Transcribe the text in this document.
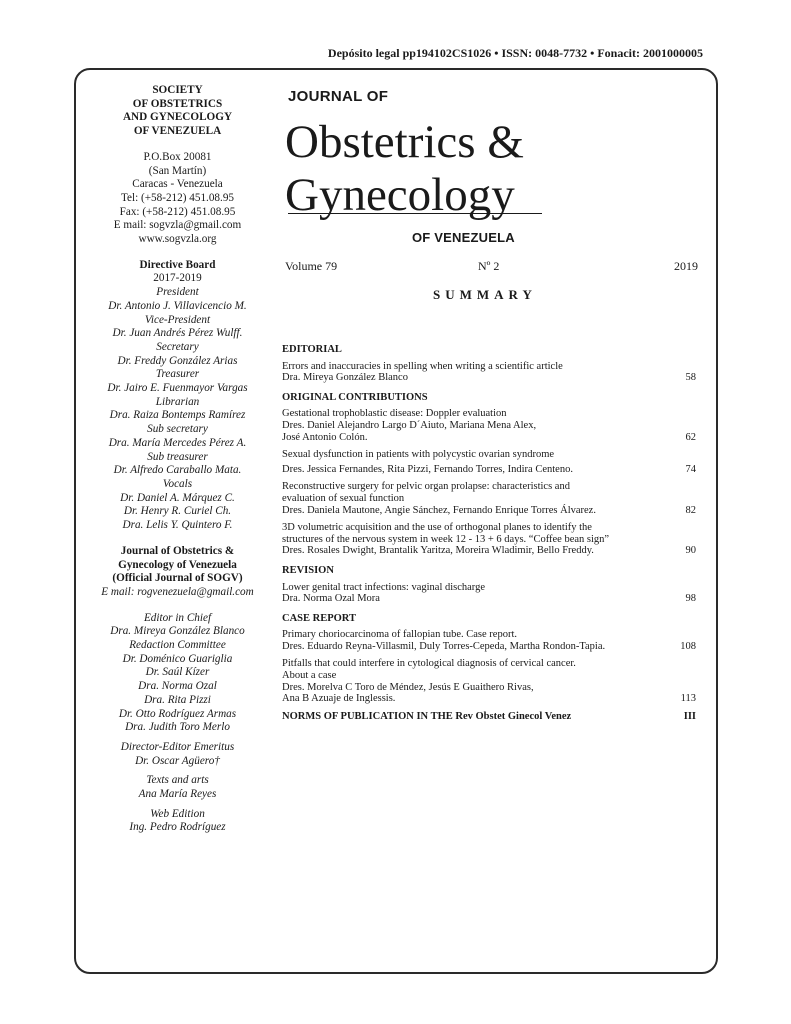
Depósito legal pp194102CS1026 • ISSN: 0048-7732 • Fonacit: 2001000005
SOCIETY
OF OBSTETRICS
AND GYNECOLOGY
OF VENEZUELA
P.O.Box 20081
(San Martín)
Caracas - Venezuela
Tel: (+58-212) 451.08.95
Fax: (+58-212) 451.08.95
E mail: sogvzla@gmail.com
www.sogvzla.org
Directive Board
2017-2019
President
Dr. Antonio J. Villavicencio M.
Vice-President
Dr. Juan Andrés Pérez Wulff.
Secretary
Dr. Freddy González Arias
Treasurer
Dr. Jairo E. Fuenmayor Vargas
Librarian
Dra. Raiza Bontemps Ramírez
Sub secretary
Dra. María Mercedes Pérez A.
Sub treasurer
Dr. Alfredo Caraballo Mata.
Vocals
Dr. Daniel A. Márquez C.
Dr. Henry R. Curiel Ch.
Dra. Lelis Y. Quintero F.
Journal of Obstetrics &
Gynecology of Venezuela
(Official Journal of SOGV)
E mail: rogvenezuela@gmail.com
Editor in Chief
Dra. Mireya González Blanco
Redaction Committee
Dr. Doménico Guariglia
Dr. Saúl Kízer
Dra. Norma Ozal
Dra. Rita Pizzi
Dr. Otto Rodríguez Armas
Dra. Judith Toro Merlo
Director-Editor Emeritus
Dr. Oscar Agüero†
Texts and arts
Ana María Reyes
Web Edition
Ing. Pedro Rodríguez
JOURNAL OF
Obstetrics &
Gynecology
OF VENEZUELA
Volume 79	Nº 2	2019
SUMMARY
EDITORIAL
Errors and inaccuracies in spelling when writing a scientific article
Dra. Mireya González Blanco	58
ORIGINAL CONTRIBUTIONS
Gestational trophoblastic disease: Doppler evaluation
Dres. Daniel Alejandro Largo D´Aiuto, Mariana Mena Alex,
José Antonio Colón.	62
Sexual dysfunction in patients with polycystic ovarian syndrome
Dres. Jessica Fernandes, Rita Pizzi, Fernando Torres, Indira Centeno.	74
Reconstructive surgery for pelvic organ prolapse: characteristics and
evaluation of sexual function
Dres. Daniela Mautone, Angie Sánchez, Fernando Enrique Torres Álvarez.	82
3D volumetric acquisition and the use of orthogonal planes to identify the
structures of the nervous system in week 12 - 13 + 6 days. “Coffee bean sign”
Dres. Rosales Dwight, Brantalik Yaritza, Moreira Wladimir, Bello Freddy.	90
REVISION
Lower genital tract infections: vaginal discharge
Dra. Norma Ozal Mora	98
CASE REPORT
Primary choriocarcinoma of fallopian tube. Case report.
Dres. Eduardo Reyna-Villasmil, Duly Torres-Cepeda, Martha Rondon-Tapia.	108
Pitfalls that could interfere in cytological diagnosis of cervical cancer.
About a case
Dres. Morelva C Toro de Méndez, Jesús E Guaithero Rivas,
Ana B Azuaje de Inglessis.	113
NORMS OF PUBLICATION IN THE Rev Obstet Ginecol Venez	III
